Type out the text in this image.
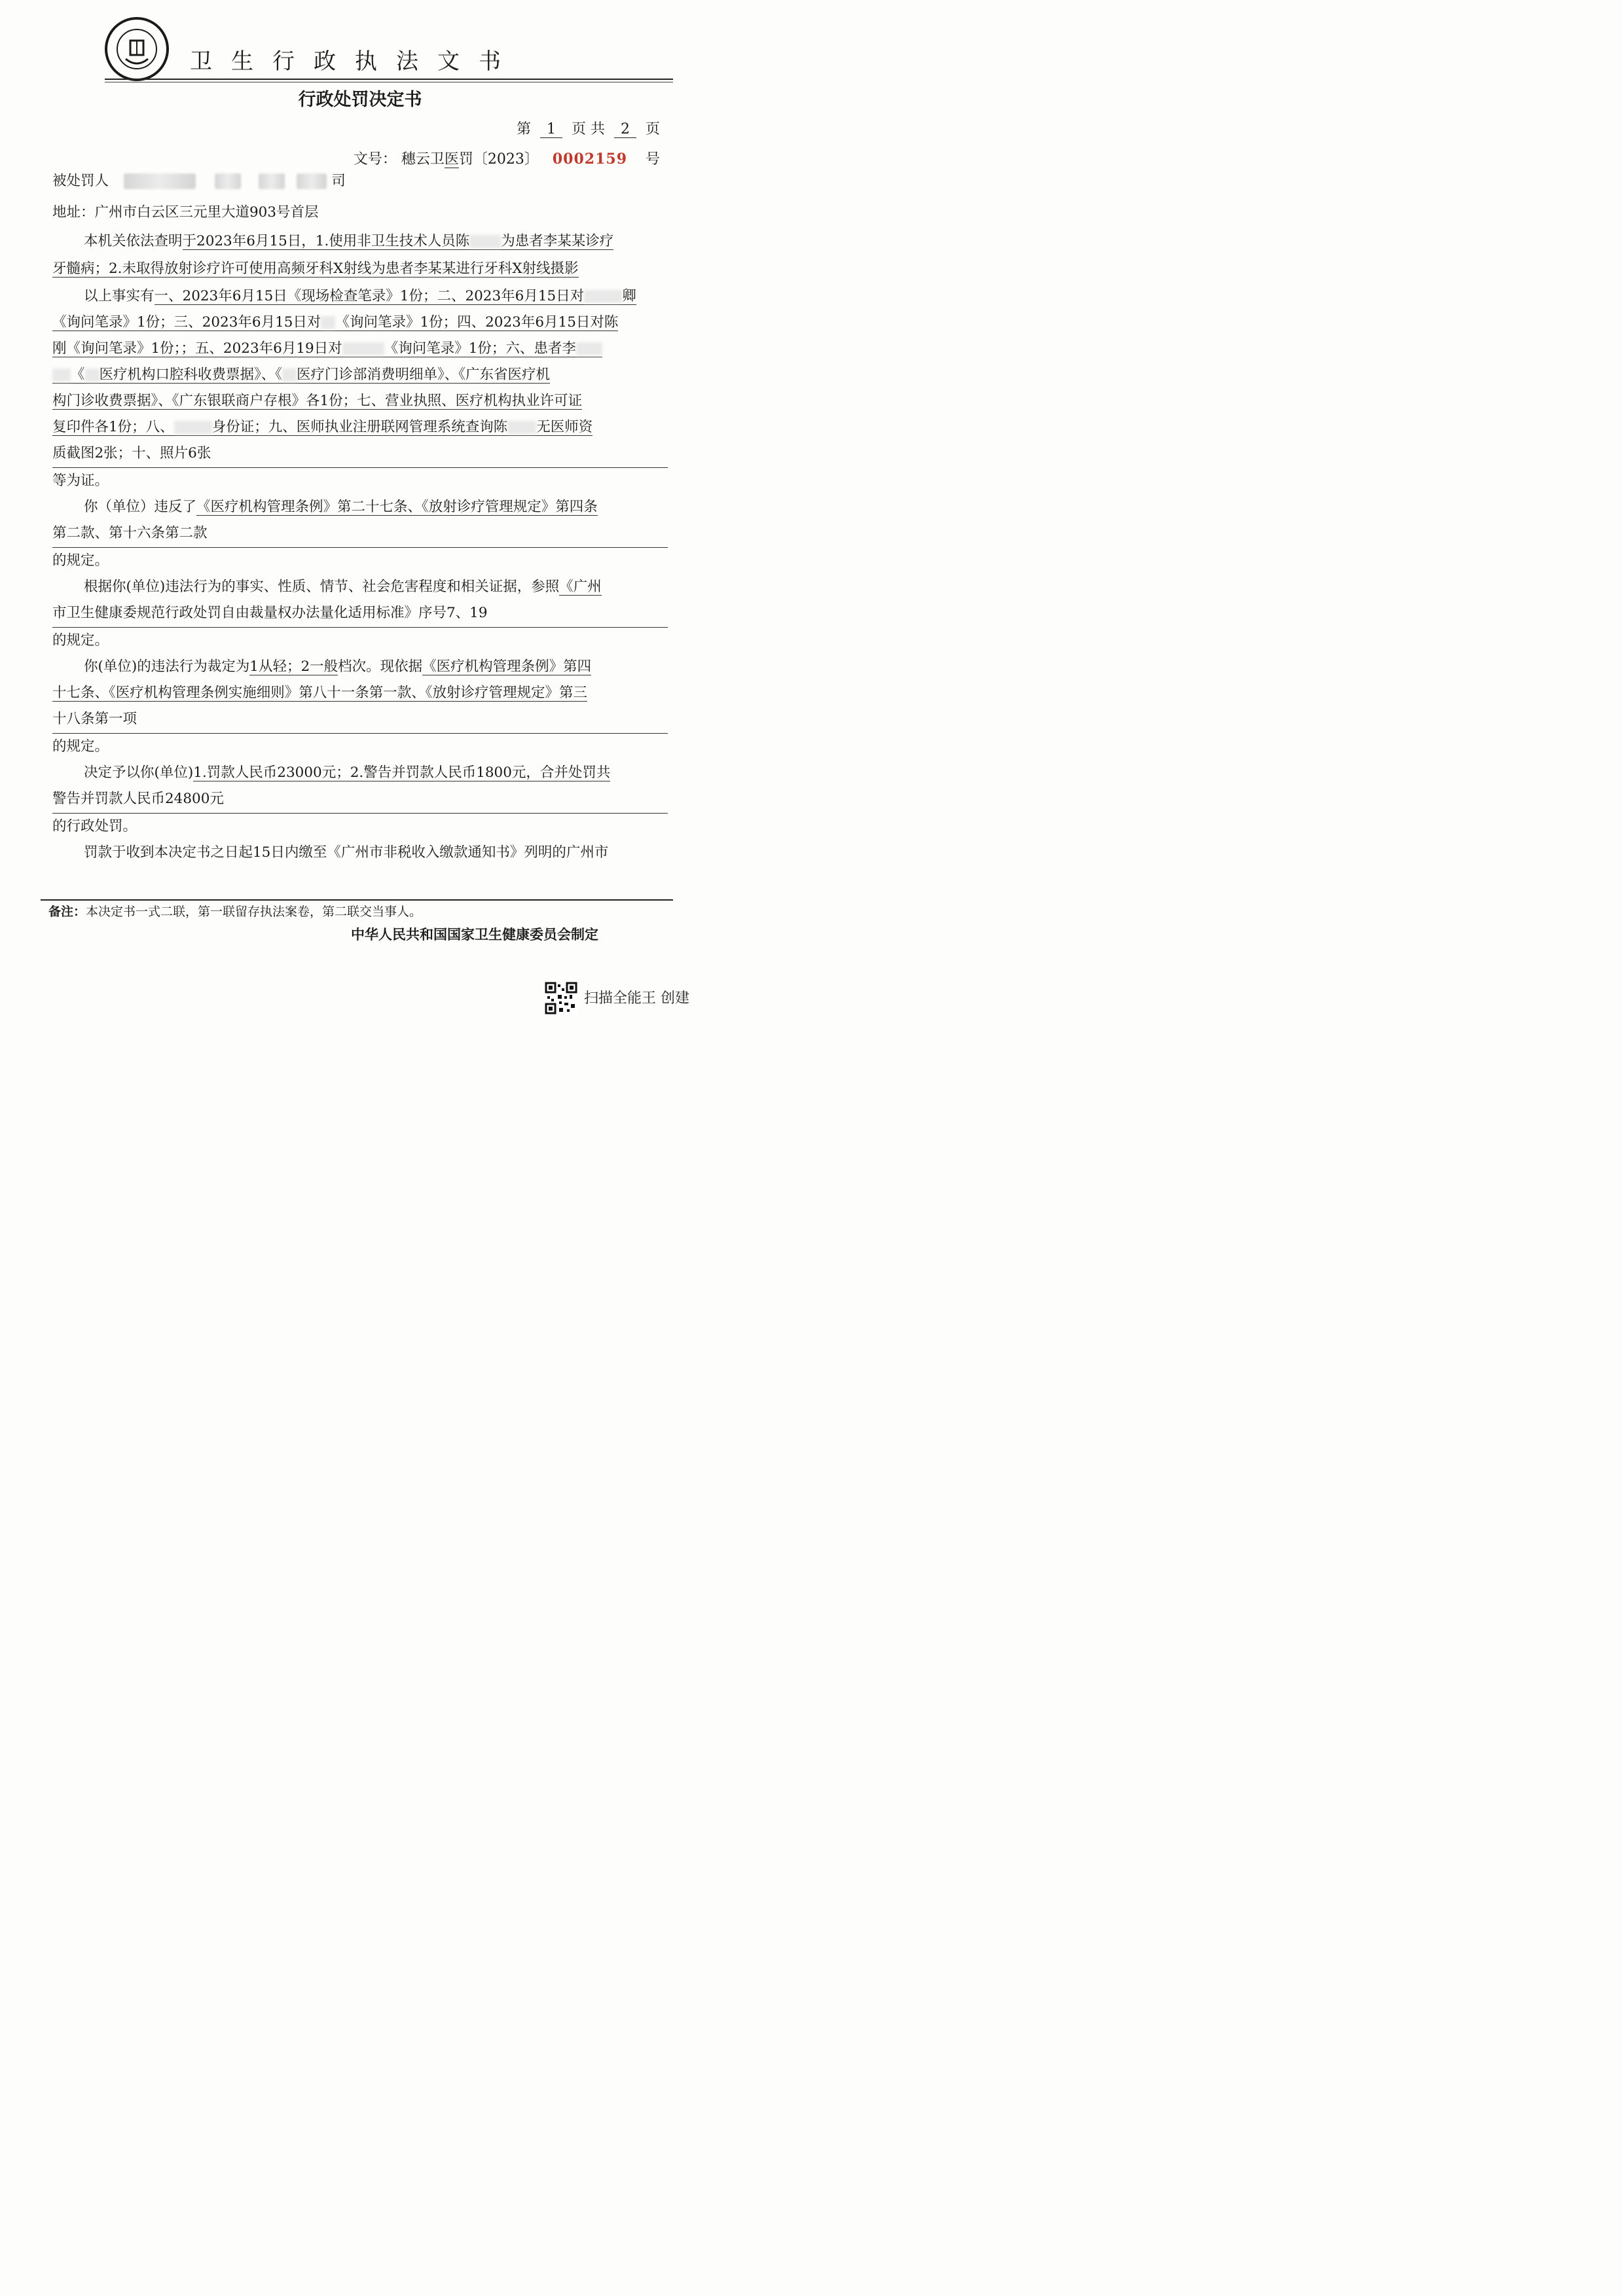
卫生行政执法文书
行政处罚决定书
第 1 页 共 2 页
文号： 穗云卫医罚〔2023〕 0002159 号
被处罚人	司
地址：广州市白云区三元里大道903号首层
本机关依法查明于2023年6月15日，1.使用非卫生技术人员陈 为患者李某某诊疗
牙髓病；2.未取得放射诊疗许可使用高频牙科X射线为患者李某某进行牙科X射线摄影
以上事实有一、2023年6月15日《现场检查笔录》1份；二、2023年6月15日对	卿
《询问笔录》1份；三、2023年6月15日对 《询问笔录》1份；四、2023年6月15日对陈
刚《询问笔录》1份；；五、2023年6月19日对	《询问笔录》1份；六、患者李
《 医疗机构口腔科收费票据》、《 医疗门诊部消费明细单》、《广东省医疗机
构门诊收费票据》、《广东银联商户存根》各1份；七、营业执照、医疗机构执业许可证
复印件各1份；八、	身份证；九、医师执业注册联网管理系统查询陈 无医师资
质截图2张；十、照片6张
等为证。
你（单位）违反了《医疗机构管理条例》第二十七条、《放射诊疗管理规定》第四条
第二款、第十六条第二款
的规定。
根据你(单位)违法行为的事实、性质、情节、社会危害程度和相关证据，参照《广州
市卫生健康委规范行政处罚自由裁量权办法量化适用标准》序号7、19
的规定。
你(单位)的违法行为裁定为1从轻；2一般档次。现依据《医疗机构管理条例》第四
十七条、《医疗机构管理条例实施细则》第八十一条第一款、《放射诊疗管理规定》第三
十八条第一项
的规定。
决定予以你(单位)1.罚款人民币23000元；2.警告并罚款人民币1800元，合并处罚共
警告并罚款人民币24800元
的行政处罚。
罚款于收到本决定书之日起15日内缴至《广州市非税收入缴款通知书》列明的广州市
备注：本决定书一式二联，第一联留存执法案卷，第二联交当事人。
中华人民共和国国家卫生健康委员会制定
扫描全能王 创建
